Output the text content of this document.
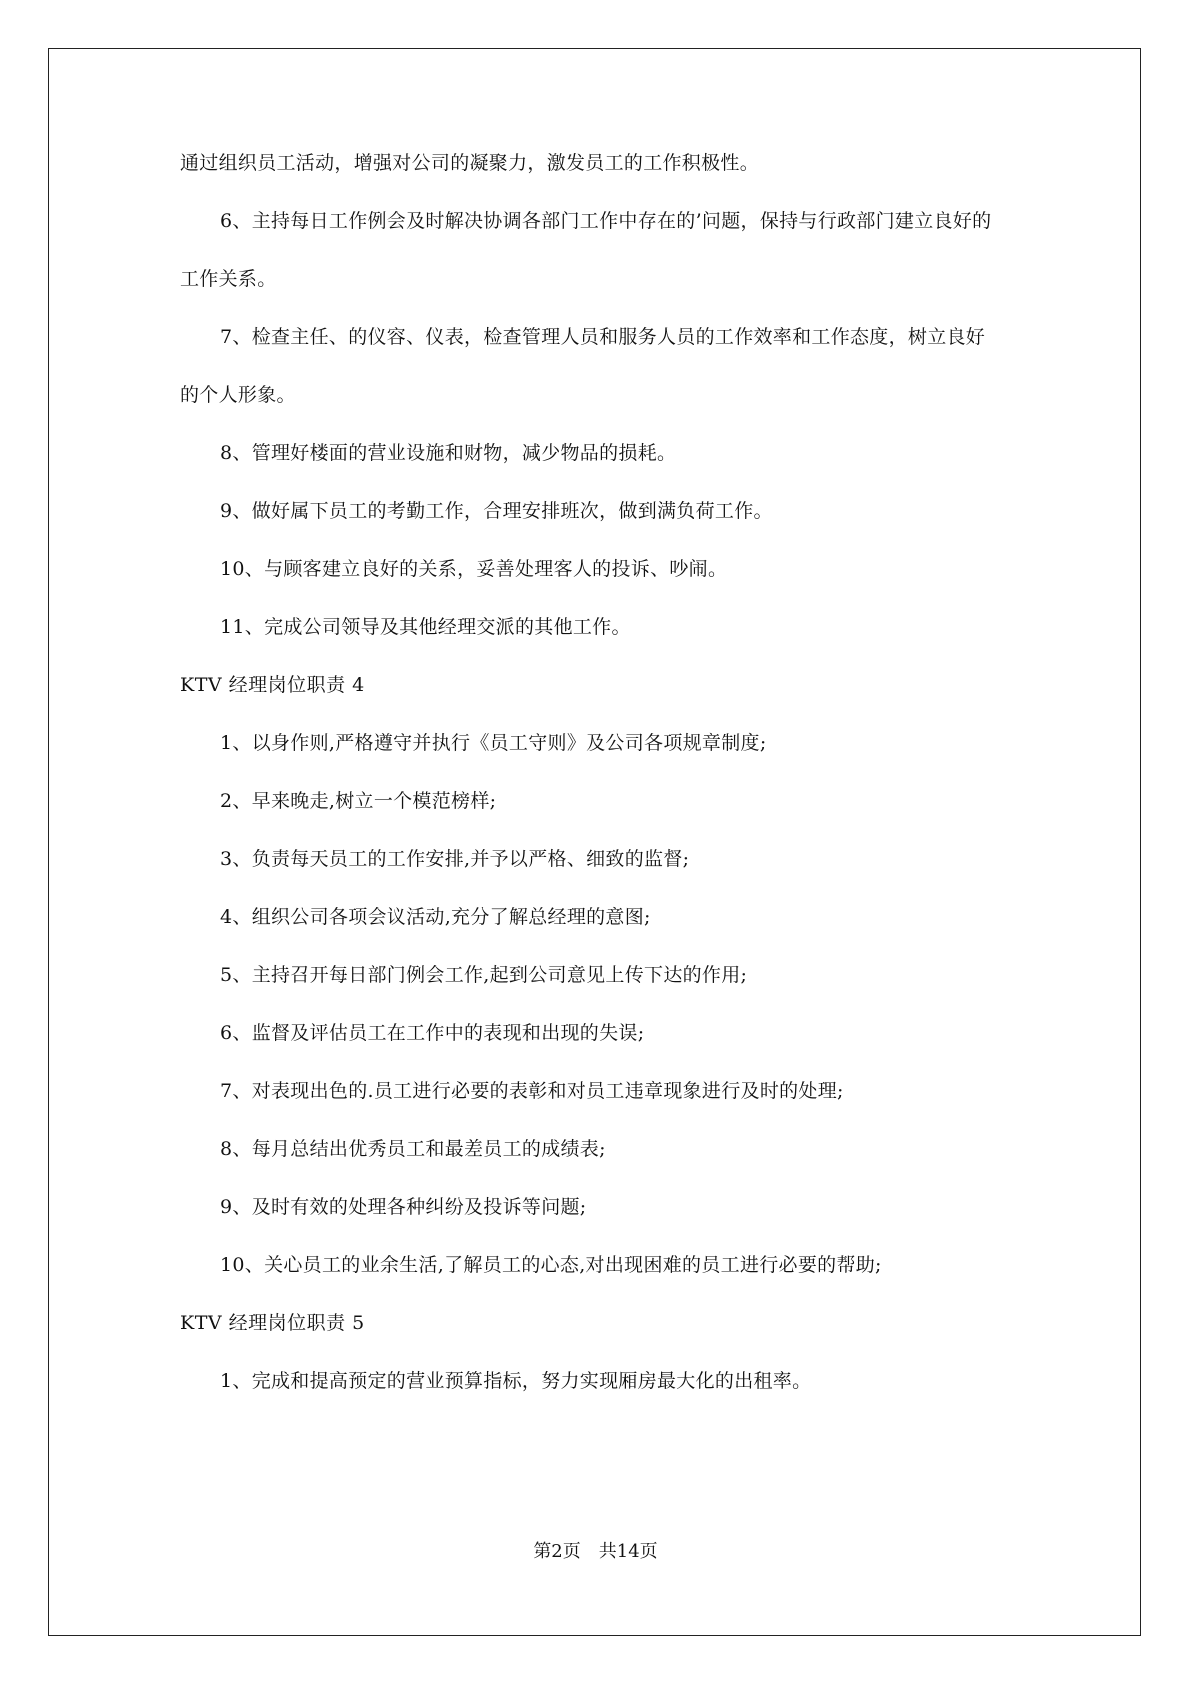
通过组织员工活动，增强对公司的凝聚力，激发员工的工作积极性。
6、主持每日工作例会及时解决协调各部门工作中存在的’问题，保持与行政部门建立良好的
工作关系。
7、检查主任、的仪容、仪表，检查管理人员和服务人员的工作效率和工作态度，树立良好
的个人形象。
8、管理好楼面的营业设施和财物，减少物品的损耗。
9、做好属下员工的考勤工作，合理安排班次，做到满负荷工作。
10、与顾客建立良好的关系，妥善处理客人的投诉、吵闹。
11、完成公司领导及其他经理交派的其他工作。
KTV 经理岗位职责 4
1、以身作则,严格遵守并执行《员工守则》及公司各项规章制度;
2、早来晚走,树立一个模范榜样;
3、负责每天员工的工作安排,并予以严格、细致的监督;
4、组织公司各项会议活动,充分了解总经理的意图;
5、主持召开每日部门例会工作,起到公司意见上传下达的作用;
6、监督及评估员工在工作中的表现和出现的失误;
7、对表现出色的.员工进行必要的表彰和对员工违章现象进行及时的处理;
8、每月总结出优秀员工和最差员工的成绩表;
9、及时有效的处理各种纠纷及投诉等问题;
10、关心员工的业余生活,了解员工的心态,对出现困难的员工进行必要的帮助;
KTV 经理岗位职责 5
1、完成和提高预定的营业预算指标，努力实现厢房最大化的出租率。
第2页 共14页
